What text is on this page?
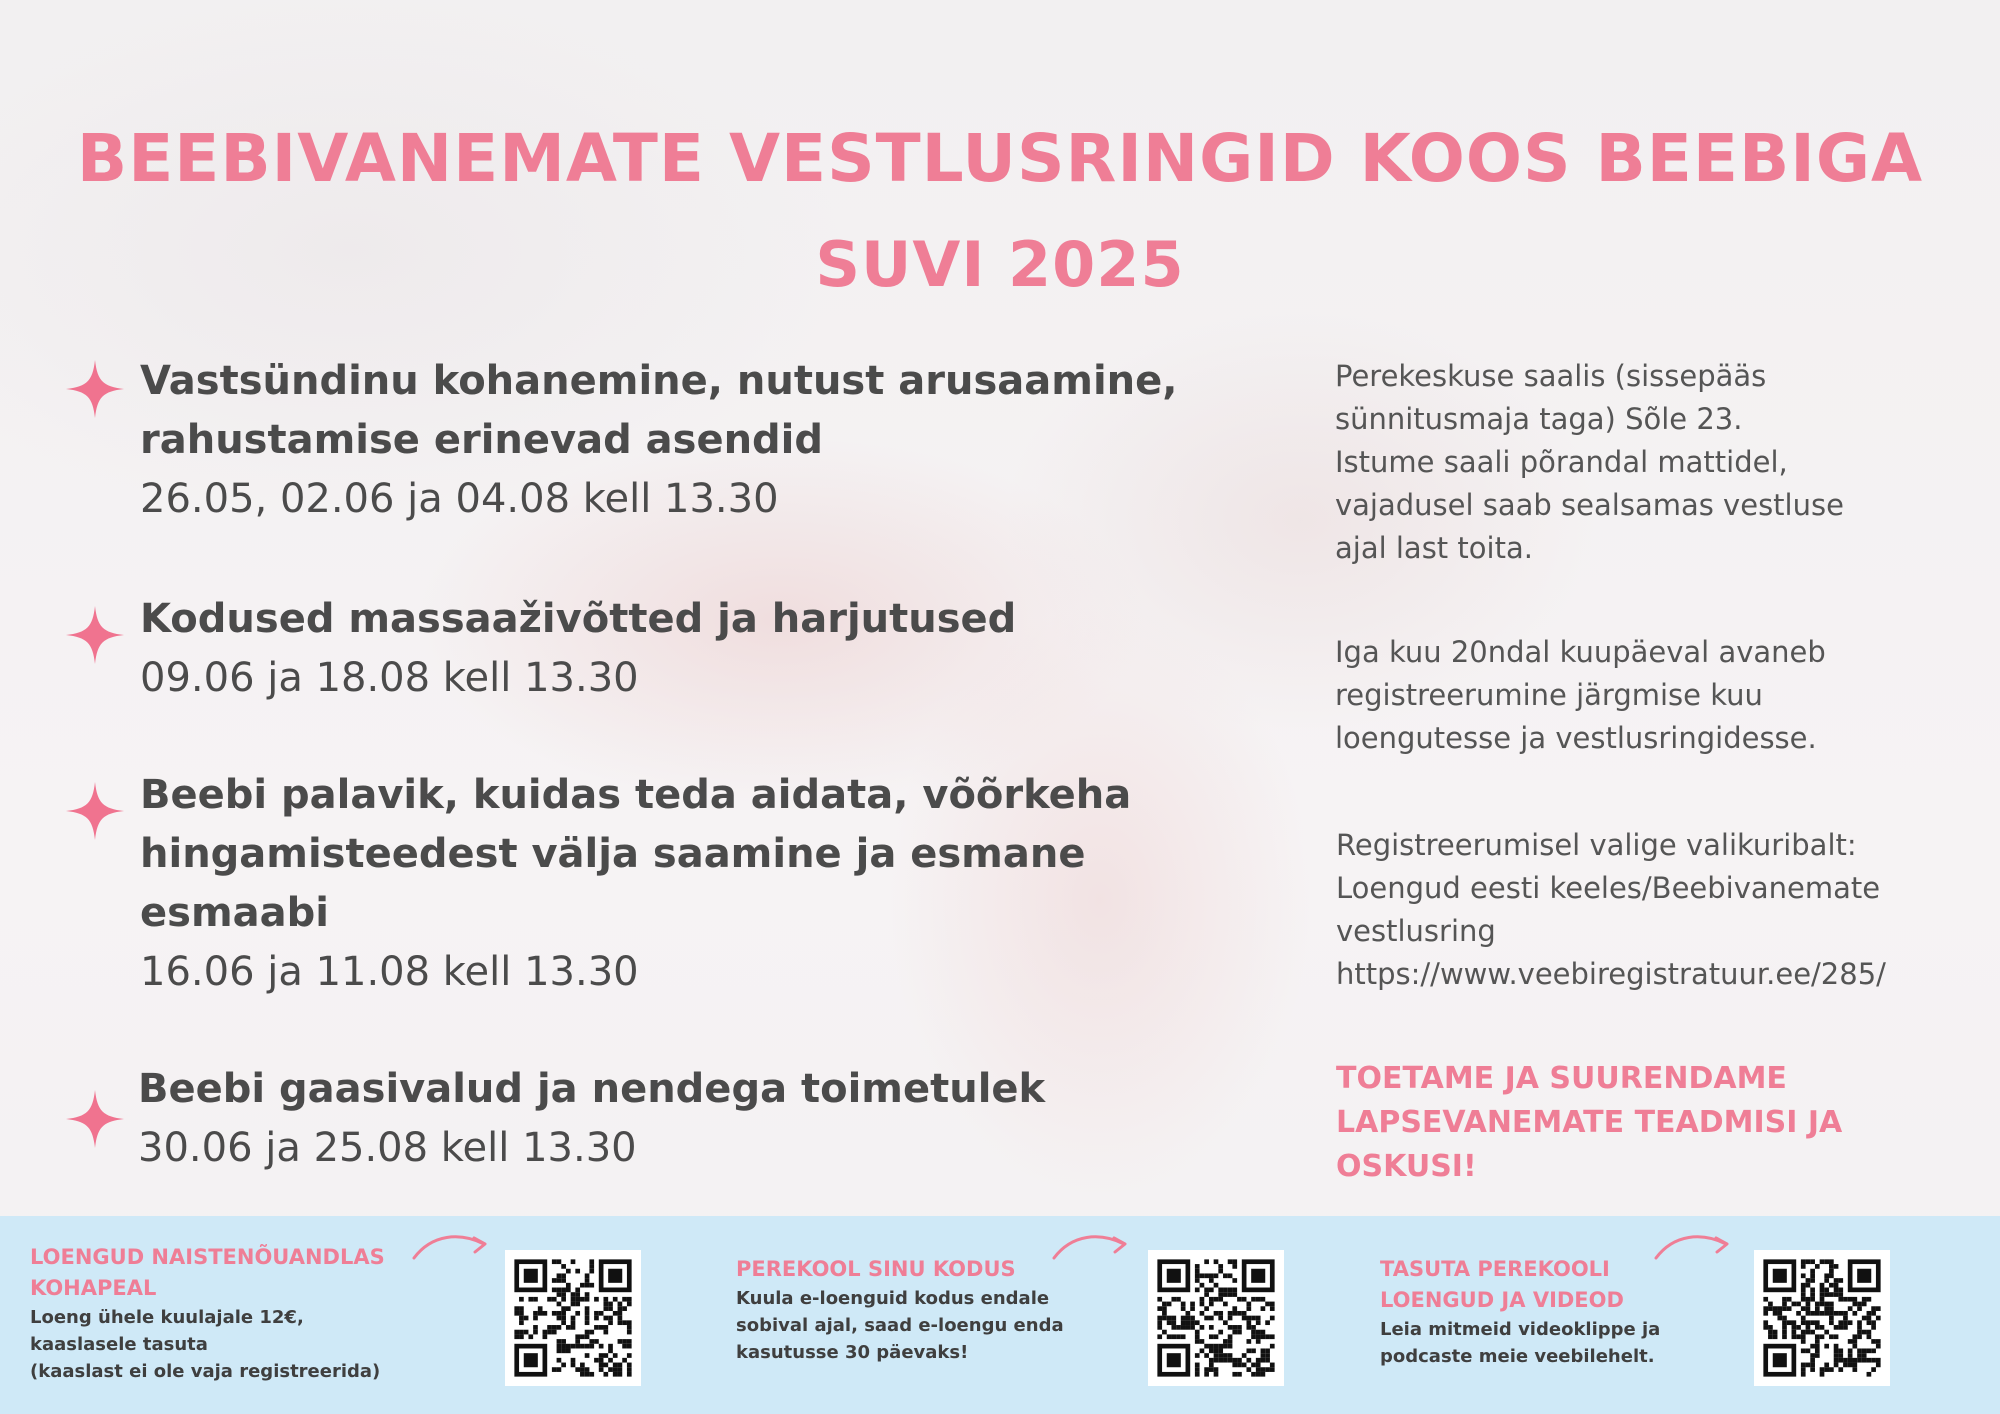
BEEBIVANEMATE VESTLUSRINGID KOOS BEEBIGA
SUVI 2025
Vastsündinu kohanemine, nutust arusaamine,
rahustamise erinevad asendid
26.05, 02.06 ja 04.08 kell 13.30
Kodused massaaživõtted ja harjutused
09.06 ja 18.08 kell 13.30
Beebi palavik, kuidas teda aidata, võõrkeha
hingamisteedest välja saamine ja esmane
esmaabi
16.06 ja 11.08 kell 13.30
Beebi gaasivalud ja nendega toimetulek
30.06 ja 25.08 kell 13.30
Perekeskuse saalis (sissepääs
sünnitusmaja taga) Sõle 23.
Istume saali põrandal mattidel,
vajadusel saab sealsamas vestluse
ajal last toita.
Iga kuu 20ndal kuupäeval avaneb
registreerumine järgmise kuu
loengutesse ja vestlusringidesse.
Registreerumisel valige valikuribalt:
Loengud eesti keeles/Beebivanemate
vestlusring
https://www.veebiregistratuur.ee/285/
TOETAME JA SUURENDAME
LAPSEVANEMATE TEADMISI JA OSKUSI!
LOENGUD NAISTENÕUANDLAS
KOHAPEAL
Loeng ühele kuulajale 12€,
kaaslasele tasuta
(kaaslast ei ole vaja registreerida)
PEREKOOL SINU KODUS
Kuula e-loenguid kodus endale
sobival ajal, saad e-loengu enda
kasutusse 30 päevaks!
TASUTA PEREKOOLI
LOENGUD JA VIDEOD
Leia mitmeid videoklippe ja
podcaste meie veebilehelt.
